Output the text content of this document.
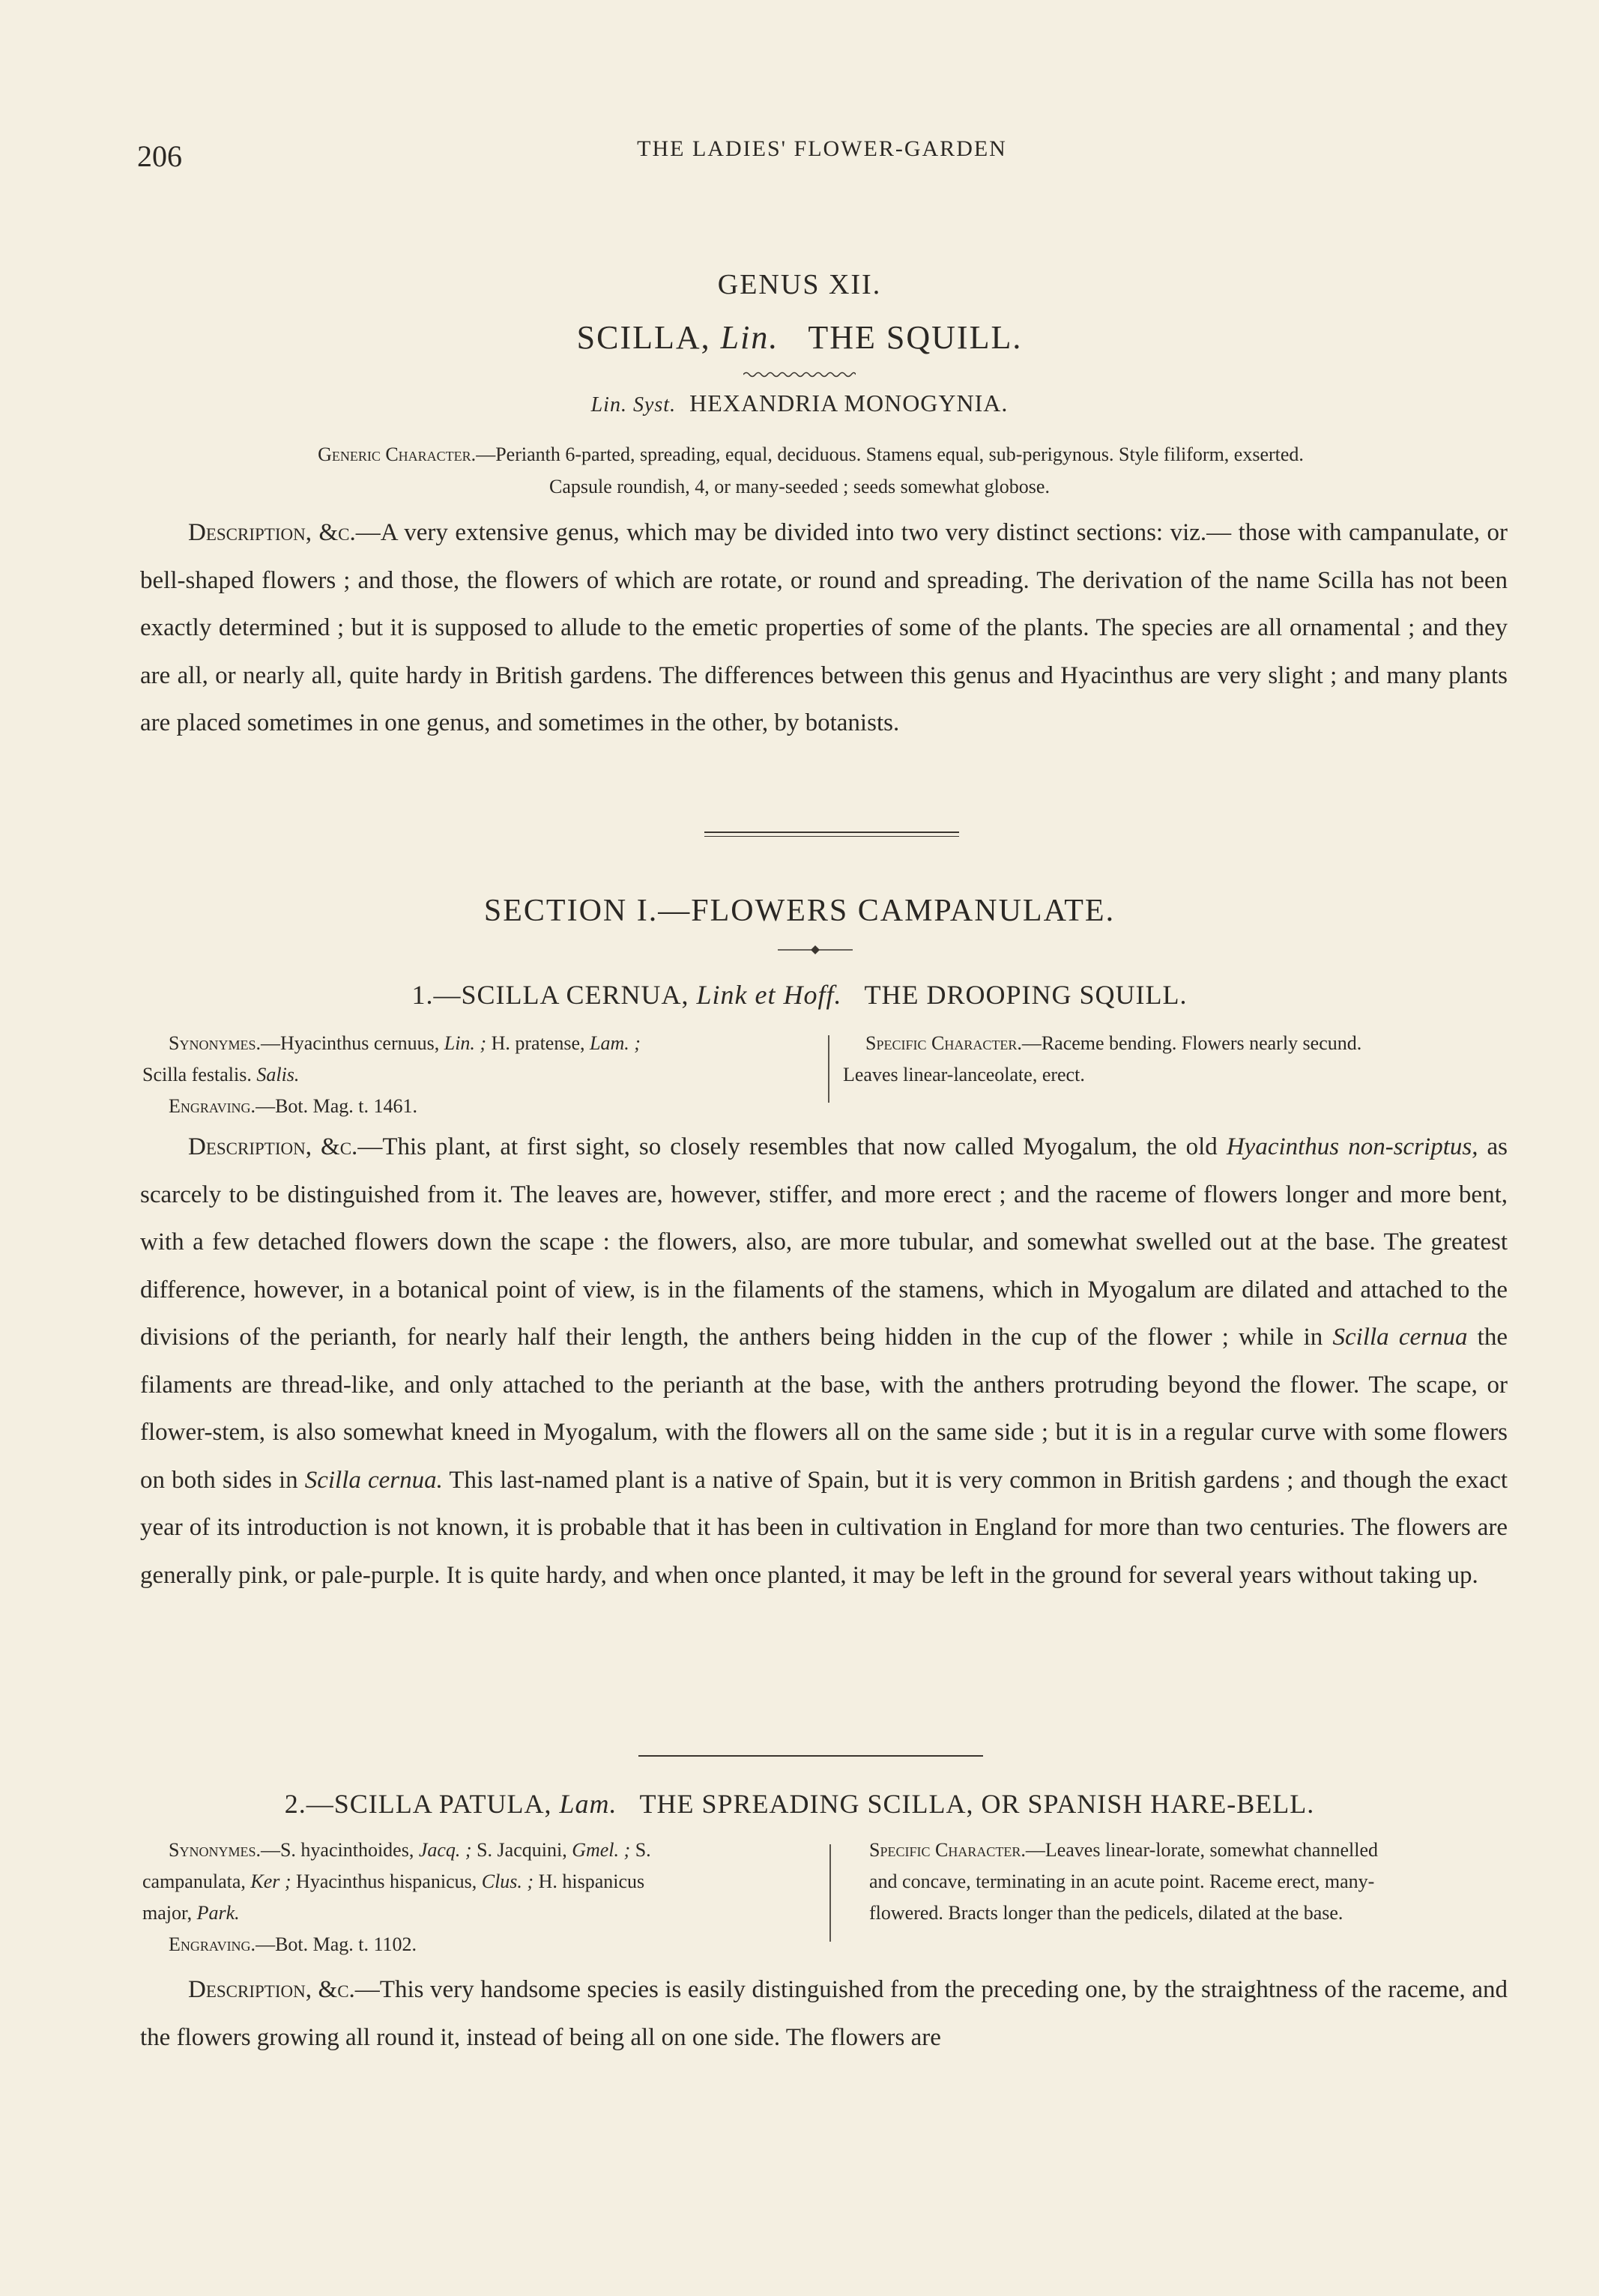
206	THE LADIES' FLOWER-GARDEN
GENUS XII.
SCILLA, Lin. THE SQUILL.
Lin. Syst. HEXANDRIA MONOGYNIA.
Generic Character.—Perianth 6-parted, spreading, equal, deciduous. Stamens equal, sub-perigynous. Style filiform, exserted.
Capsule roundish, 4, or many-seeded ; seeds somewhat globose.
Description, &c.—A very extensive genus, which may be divided into two very distinct sections: viz.— those with campanulate, or bell-shaped flowers ; and those, the flowers of which are rotate, or round and spreading. The derivation of the name Scilla has not been exactly determined ; but it is supposed to allude to the emetic properties of some of the plants. The species are all ornamental ; and they are all, or nearly all, quite hardy in British gardens. The differences between this genus and Hyacinthus are very slight ; and many plants are placed sometimes in one genus, and sometimes in the other, by botanists.
SECTION I.—FLOWERS CAMPANULATE.
1.—SCILLA CERNUA, Link et Hoff. THE DROOPING SQUILL.
Synonymes.—Hyacinthus cernuus, Lin. ; H. pratense, Lam. ;
Scilla festalis. Salis.
Engraving.—Bot. Mag. t. 1461.
Specific Character.—Raceme bending. Flowers nearly secund.
Leaves linear-lanceolate, erect.
Description, &c.—This plant, at first sight, so closely resembles that now called Myogalum, the old Hyacinthus non-scriptus, as scarcely to be distinguished from it. The leaves are, however, stiffer, and more erect ; and the raceme of flowers longer and more bent, with a few detached flowers down the scape : the flowers, also, are more tubular, and somewhat swelled out at the base. The greatest difference, however, in a botanical point of view, is in the filaments of the stamens, which in Myogalum are dilated and attached to the divisions of the perianth, for nearly half their length, the anthers being hidden in the cup of the flower ; while in Scilla cernua the filaments are thread-like, and only attached to the perianth at the base, with the anthers protruding beyond the flower. The scape, or flower-stem, is also somewhat kneed in Myogalum, with the flowers all on the same side ; but it is in a regular curve with some flowers on both sides in Scilla cernua. This last-named plant is a native of Spain, but it is very common in British gardens ; and though the exact year of its introduction is not known, it is probable that it has been in cultivation in England for more than two centuries. The flowers are generally pink, or pale-purple. It is quite hardy, and when once planted, it may be left in the ground for several years without taking up.
2.—SCILLA PATULA, Lam. THE SPREADING SCILLA, OR SPANISH HARE-BELL.
Synonymes.—S. hyacinthoides, Jacq. ; S. Jacquini, Gmel. ; S.
campanulata, Ker ; Hyacinthus hispanicus, Clus. ; H. hispanicus
major, Park.
Engraving.—Bot. Mag. t. 1102.
Specific Character.—Leaves linear-lorate, somewhat channelled
and concave, terminating in an acute point. Raceme erect, many-
flowered. Bracts longer than the pedicels, dilated at the base.
Description, &c.—This very handsome species is easily distinguished from the preceding one, by the straightness of the raceme, and the flowers growing all round it, instead of being all on one side. The flowers are
